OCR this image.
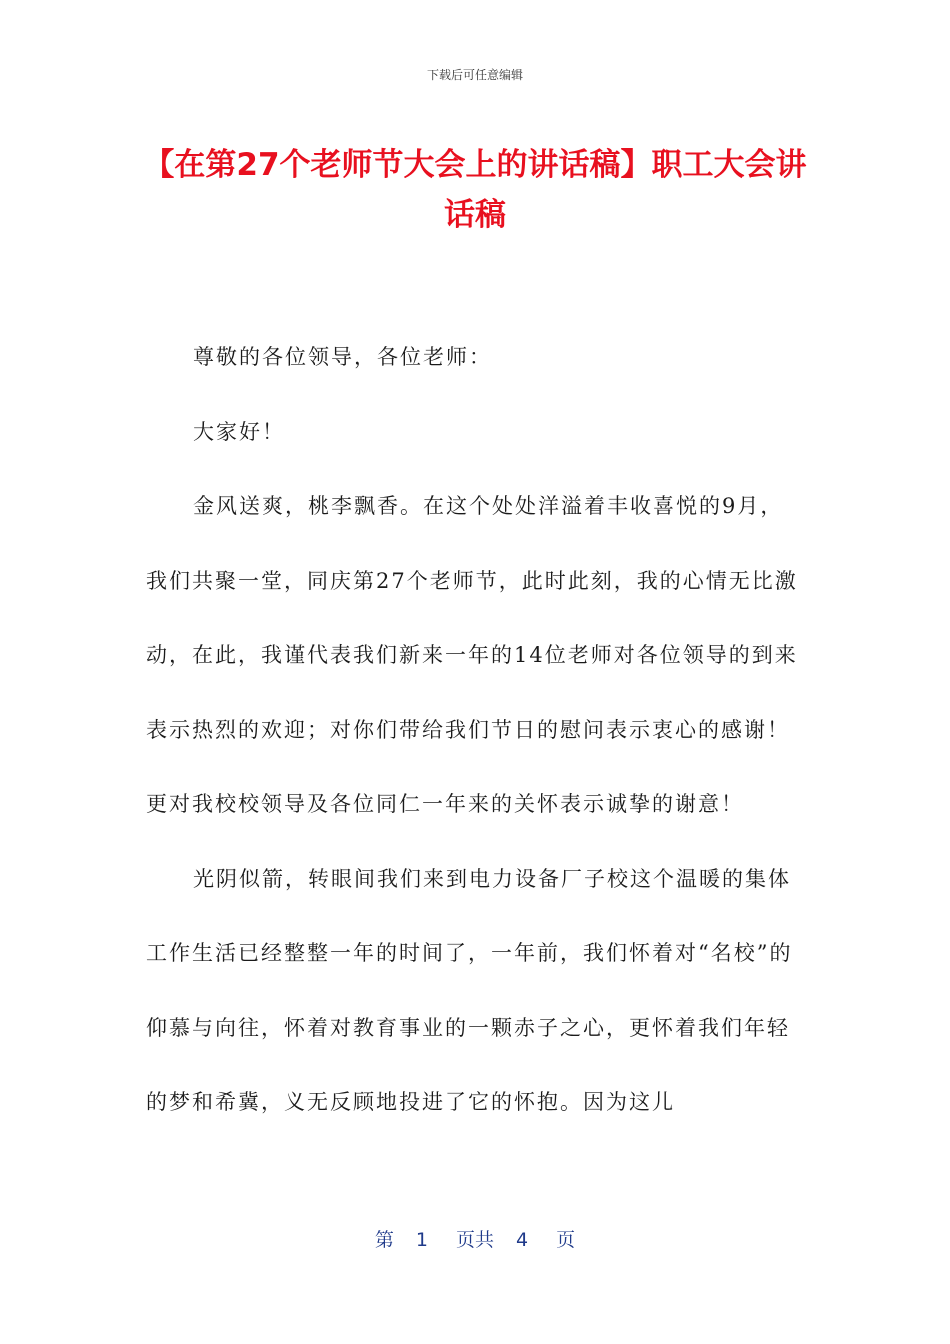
下载后可任意编辑
【在第27个老师节大会上的讲话稿】职工大会讲话稿

尊敬的各位领导，各位老师：

大家好！

金风送爽，桃李飘香。在这个处处洋溢着丰收喜悦的9月，我们共聚一堂，同庆第27个老师节，此时此刻，我的心情无比激动，在此，我谨代表我们新来一年的14位老师对各位领导的到来表示热烈的欢迎；对你们带给我们节日的慰问表示衷心的感谢！更对我校校领导及各位同仁一年来的关怀表示诚挚的谢意！

光阴似箭，转眼间我们来到电力设备厂子校这个温暖的集体工作生活已经整整一年的时间了，一年前，我们怀着对“名校”的仰慕与向往，怀着对教育事业的一颗赤子之心，更怀着我们年轻的梦和希冀，义无反顾地投进了它的怀抱。因为这儿

第 1 页共 4 页
